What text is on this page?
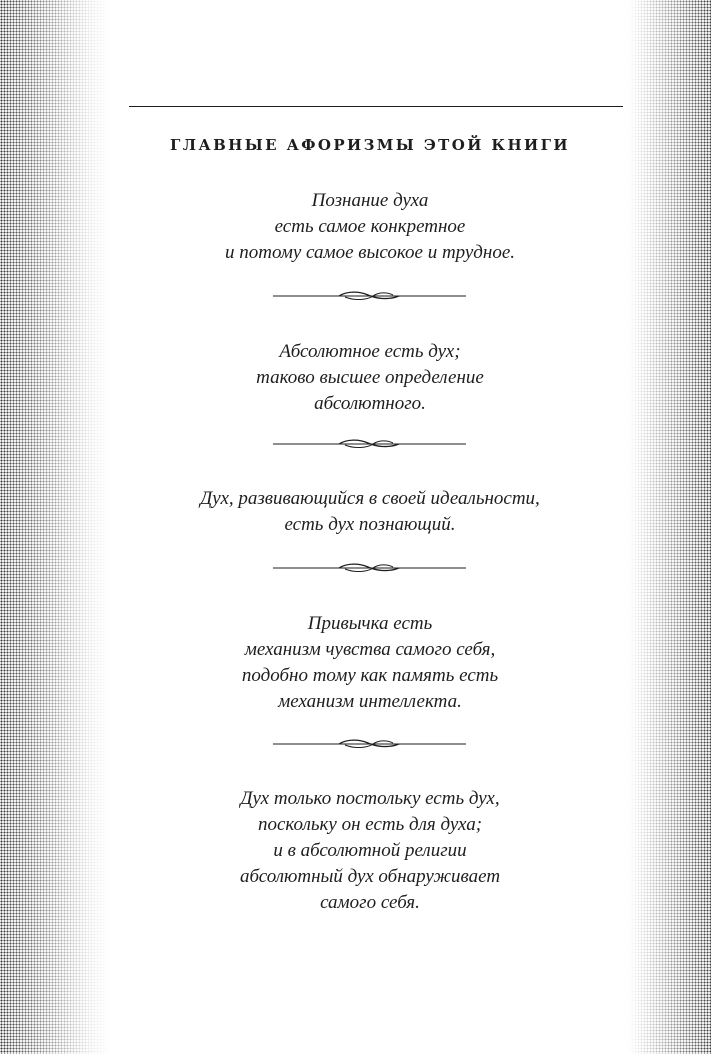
ГЛАВНЫЕ АФОРИЗМЫ ЭТОЙ КНИГИ
Познание духа
есть самое конкретное
и потому самое высокое и трудное.
Абсолютное есть дух;
таково высшее определение
абсолютного.
Дух, развивающийся в своей идеальности,
есть дух познающий.
Привычка есть
механизм чувства самого себя,
подобно тому как память есть
механизм интеллекта.
Дух только постольку есть дух,
поскольку он есть для духа;
и в абсолютной религии
абсолютный дух обнаруживает
самого себя.
